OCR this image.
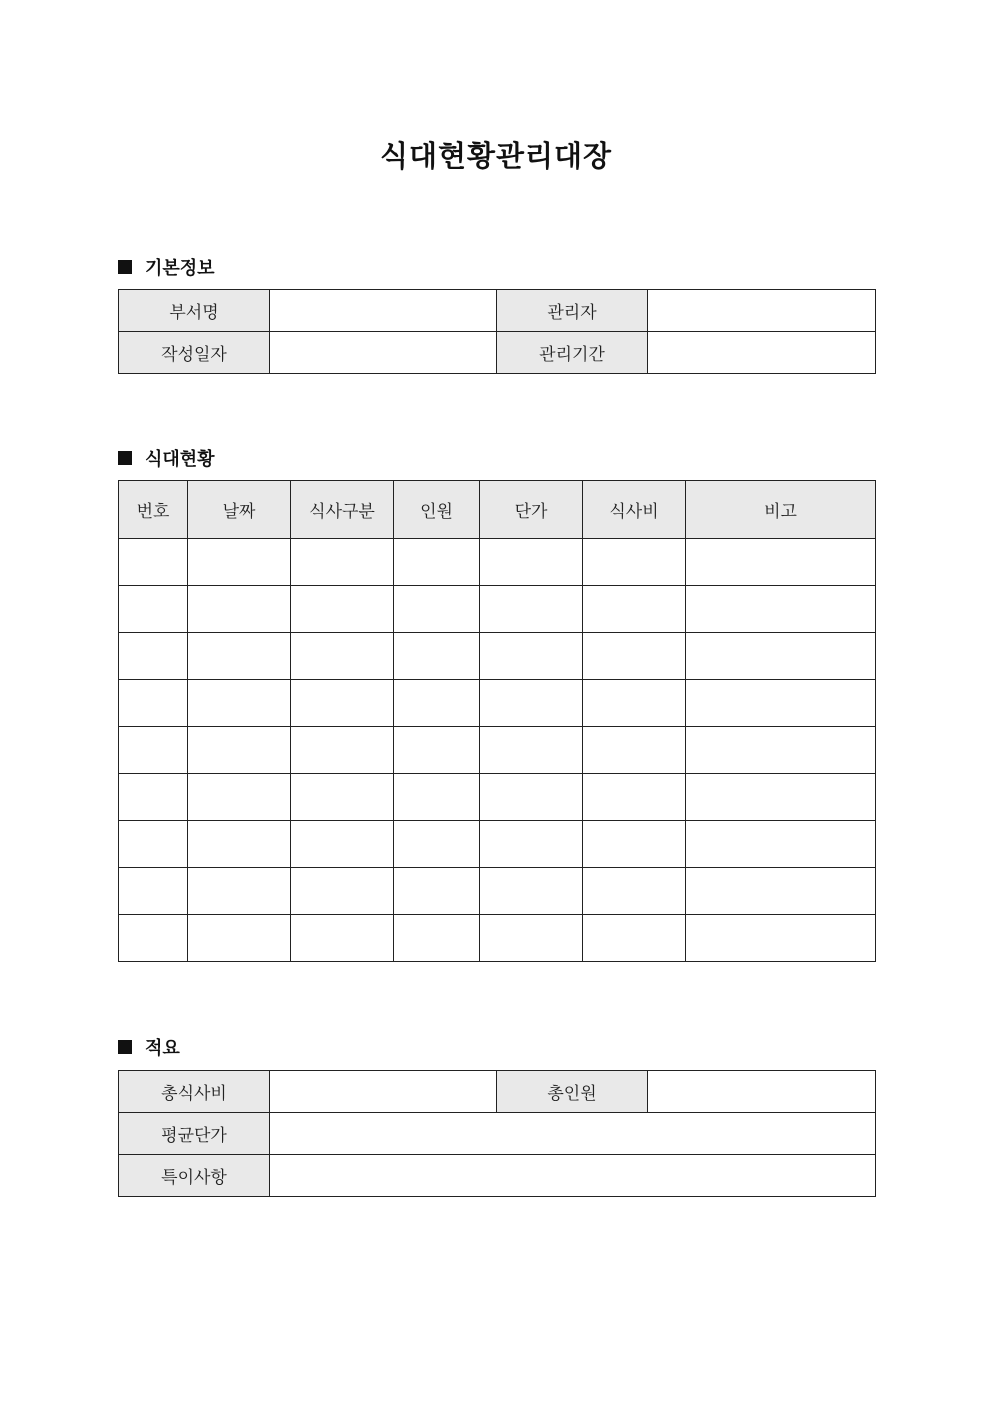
식대현황관리대장
기본정보
부서명		관리자	
작성일자		관리기간	
식대현황
번호	날짜	식사구분	인원	단가	식사비	비고

적요
총식사비		총인원	
평균단가			
특이사항			
